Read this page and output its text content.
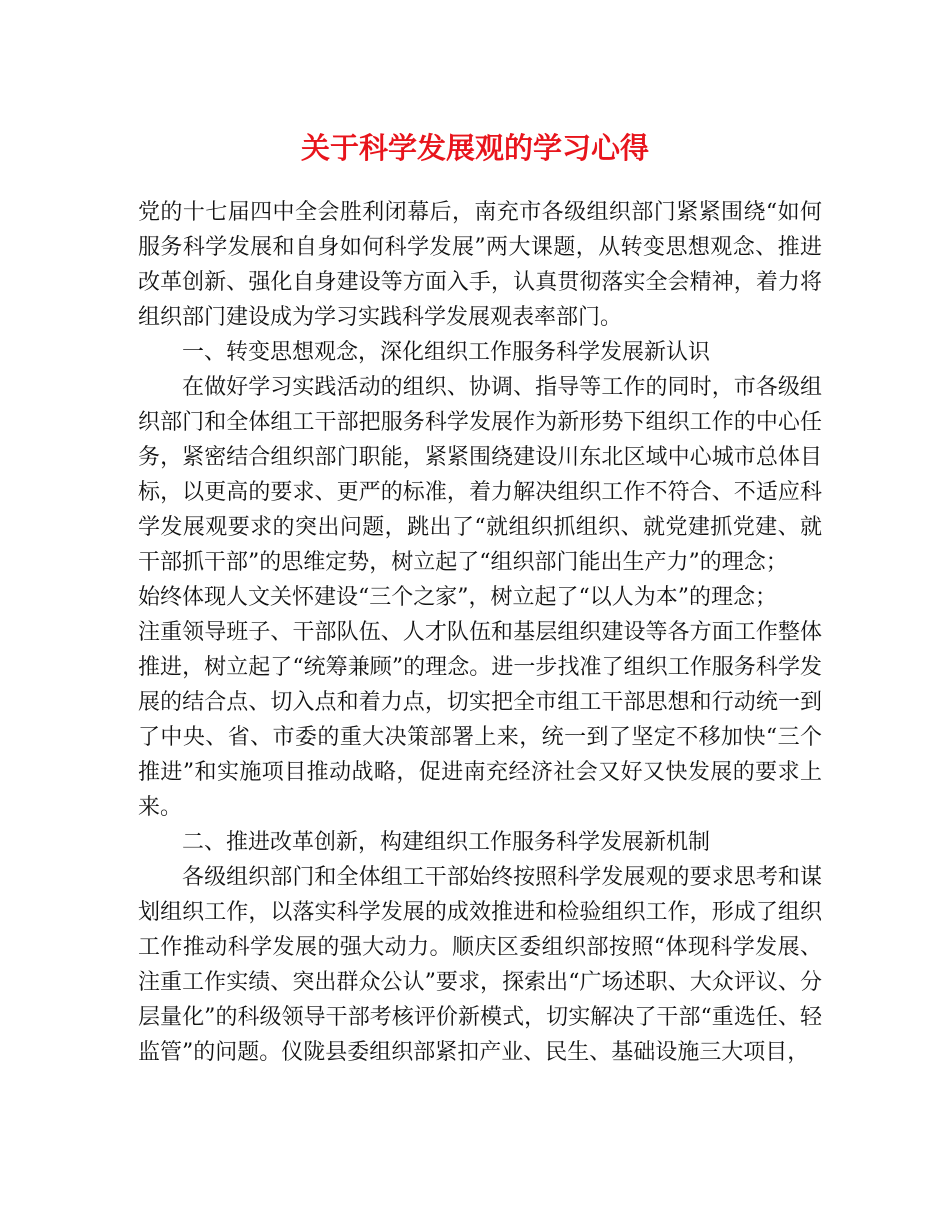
关于科学发展观的学习心得

党的十七届四中全会胜利闭幕后，南充市各级组织部门紧紧围绕“如何服务科学发展和自身如何科学发展”两大课题，从转变思想观念、推进改革创新、强化自身建设等方面入手，认真贯彻落实全会精神，着力将组织部门建设成为学习实践科学发展观表率部门。

一、转变思想观念，深化组织工作服务科学发展新认识

在做好学习实践活动的组织、协调、指导等工作的同时，市各级组织部门和全体组工干部把服务科学发展作为新形势下组织工作的中心任务，紧密结合组织部门职能，紧紧围绕建设川东北区域中心城市总体目标，以更高的要求、更严的标准，着力解决组织工作不符合、不适应科学发展观要求的突出问题，跳出了“就组织抓组织、就党建抓党建、就干部抓干部”的思维定势，树立起了“组织部门能出生产力”的理念；

始终体现人文关怀建设“三个之家”，树立起了“以人为本”的理念；

注重领导班子、干部队伍、人才队伍和基层组织建设等各方面工作整体推进，树立起了“统筹兼顾”的理念。进一步找准了组织工作服务科学发展的结合点、切入点和着力点，切实把全市组工干部思想和行动统一到了中央、省、市委的重大决策部署上来，统一到了坚定不移加快“三个推进”和实施项目推动战略，促进南充经济社会又好又快发展的要求上来。

二、推进改革创新，构建组织工作服务科学发展新机制

各级组织部门和全体组工干部始终按照科学发展观的要求思考和谋划组织工作，以落实科学发展的成效推进和检验组织工作，形成了组织工作推动科学发展的强大动力。顺庆区委组织部按照“体现科学发展、注重工作实绩、突出群众公认”要求，探索出“广场述职、大众评议、分层量化”的科级领导干部考核评价新模式，切实解决了干部“重选任、轻监管”的问题。仪陇县委组织部紧扣产业、民生、基础设施三大项目，
